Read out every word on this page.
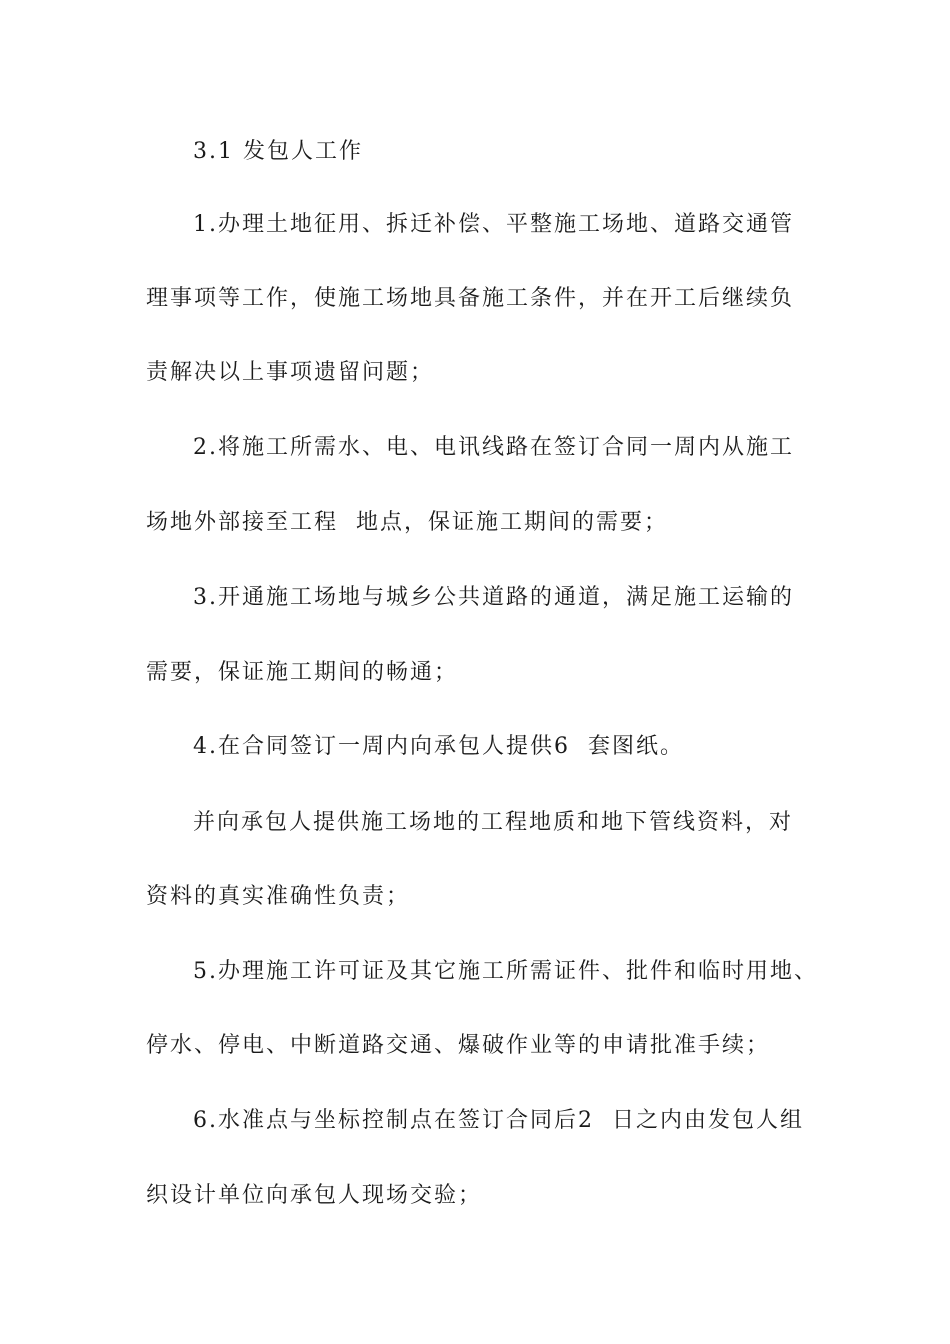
3.1 发包人工作
1.办理土地征用、拆迁补偿、平整施工场地、道路交通管
理事项等工作，使施工场地具备施工条件，并在开工后继续负
责解决以上事项遗留问题；
2.将施工所需水、电、电讯线路在签订合同一周内从施工
场地外部接至工程  地点，保证施工期间的需要；
3.开通施工场地与城乡公共道路的通道，满足施工运输的
需要，保证施工期间的畅通；
4.在合同签订一周内向承包人提供6  套图纸。
并向承包人提供施工场地的工程地质和地下管线资料，对
资料的真实准确性负责；
5.办理施工许可证及其它施工所需证件、批件和临时用地、
停水、停电、中断道路交通、爆破作业等的申请批准手续；
6.水准点与坐标控制点在签订合同后2  日之内由发包人组
织设计单位向承包人现场交验；
